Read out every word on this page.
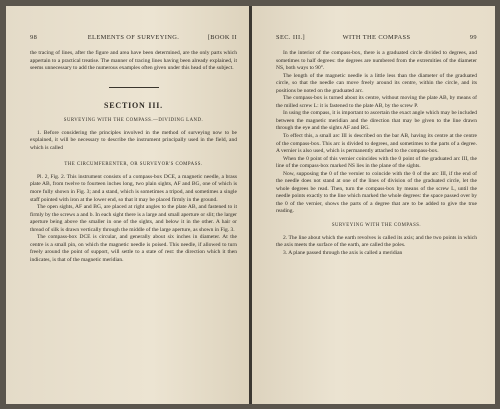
98	ELEMENTS OF SURVEYING.	[BOOK II

the tracing of lines, after the figure and area have been determined, are the only parts which appertain to a practical treatise. The manner of tracing lines having been already explained, it seems unnecessary to add the numerous examples often given under this head of the subject.

SECTION III.
SURVEYING WITH THE COMPASS.—DIVIDING LAND.

1. Before considering the principles involved in the method of surveying now to be explained, it will be necessary to describe the instrument principally used in the field, and which is called

THE CIRCUMFERENTER, OR SURVEYOR'S COMPASS.

Pl. 2, Fig. 2. This instrument consists of a compass-box DCE, a magnetic needle, a brass plate AB, from twelve to fourteen inches long, two plain sights, AF and BG, one of which is more fully shown in Fig. 3; and a stand, which is sometimes a tripod, and sometimes a single staff pointed with iron at the lower end, so that it may be placed firmly in the ground.

The open sights, AF and BG, are placed at right angles to the plate AB, and fastened to it firmly by the screws a and b. In each sight there is a large and small aperture or slit; the larger aperture being above the smaller in one of the sights, and below it in the other. A hair or thread of silk is drawn vertically through the middle of the large aperture, as shown in Fig. 3.

The compass-box DCE is circular, and generally about six inches in diameter. At the centre is a small pin, on which the magnetic needle is poised. This needle, if allowed to turn freely around the point of support, will settle to a state of rest: the direction which it then indicates, is that of the magnetic meridian.

SEC. III.]	WITH THE COMPASS	99

In the interior of the compass-box, there is a graduated circle divided to degrees, and sometimes to half degrees: the degrees are numbered from the extremities of the diameter NS, both ways to 90°.

The length of the magnetic needle is a little less than the diameter of the graduated circle, so that the needle can move freely around its centre, within the circle, and its positions be noted on the graduated arc.

The compass-box is turned about its centre, without moving the plate AB, by means of the milled screw L: it is fastened to the plate AB, by the screw P.

In using the compass, it is important to ascertain the exact angle which may be included between the magnetic meridian and the direction that may be given to the line drawn through the eye and the sights AF and BG.

To effect this, a small arc III is described on the bar AB, having its centre at the centre of the compass-box. This arc is divided to degrees, and sometimes to the parts of a degree. A vernier is also used, which is permanently attached to the compass-box.

When the 0 point of this vernier coincides with the 0 point of the graduated arc III, the line of the compass-box marked NS lies in the plane of the sights.

Now, supposing the 0 of the vernier to coincide with the 0 of the arc III, if the end of the needle does not stand at one of the lines of division of the graduated circle, let the whole degrees be read. Then, turn the compass-box by means of the screw L, until the needle points exactly to the line which marked the whole degrees: the space passed over by the 0 of the vernier, shows the parts of a degree that are to be added to give the true reading.

SURVEYING WITH THE COMPASS.

2. The line about which the earth revolves is called its axis; and the two points in which the axis meets the surface of the earth, are called the poles.

3. A plane passed through the axis is called a meridian
